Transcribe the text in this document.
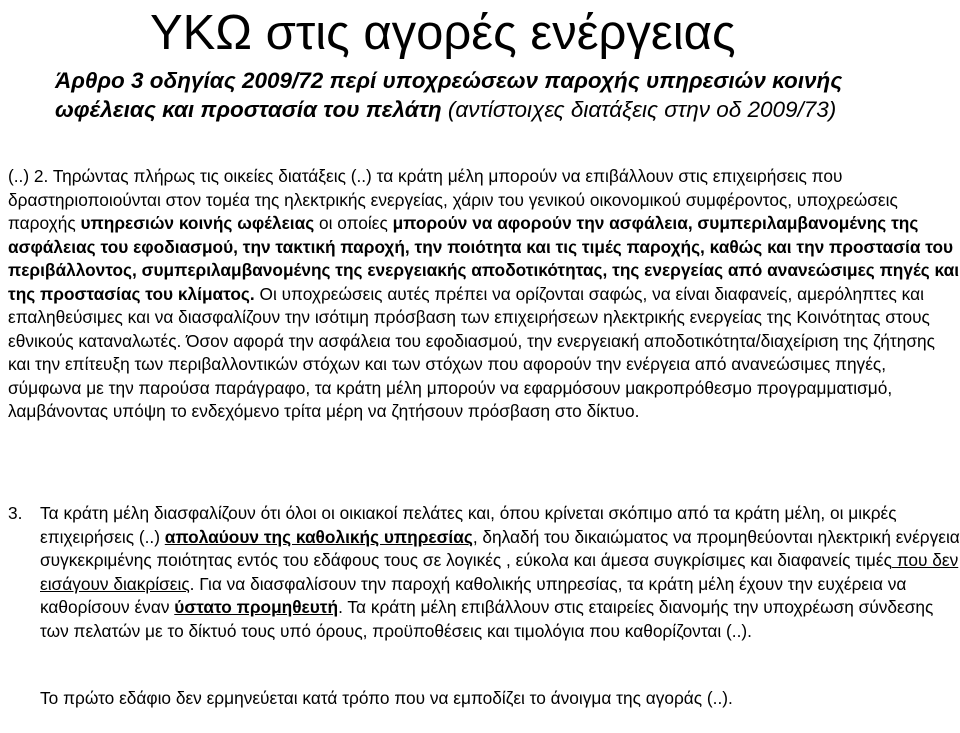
ΥΚΩ στις αγορές ενέργειας

Άρθρο 3 οδηγίας 2009/72 περί υποχρεώσεων παροχής υπηρεσιών κοινής ωφέλειας και προστασία του πελάτη (αντίστοιχες διατάξεις στην οδ 2009/73)

(..) 2. Τηρώντας πλήρως τις οικείες διατάξεις (..) τα κράτη μέλη μπορούν να επιβάλλουν στις επιχειρήσεις που δραστηριοποιούνται στον τομέα της ηλεκτρικής ενεργείας, χάριν του γενικού οικονομικού συμφέροντος, υποχρεώσεις παροχής υπηρεσιών κοινής ωφέλειας οι οποίες μπορούν να αφορούν την ασφάλεια, συμπεριλαμβανομένης της ασφάλειας του εφοδιασμού, την τακτική παροχή, την ποιότητα και τις τιμές παροχής, καθώς και την προστασία του περιβάλλοντος, συμπεριλαμβανομένης της ενεργειακής αποδοτικότητας, της ενεργείας από ανανεώσιμες πηγές και της προστασίας του κλίματος. Οι υποχρεώσεις αυτές πρέπει να ορίζονται σαφώς, να είναι διαφανείς, αμερόληπτες και επαληθεύσιμες και να διασφαλίζουν την ισότιμη πρόσβαση των επιχειρήσεων ηλεκτρικής ενεργείας της Κοινότητας στους εθνικούς καταναλωτές. Όσον αφορά την ασφάλεια του εφοδιασμού, την ενεργειακή αποδοτικότητα/διαχείριση της ζήτησης και την επίτευξη των περιβαλλοντικών στόχων και των στόχων που αφορούν την ενέργεια από ανανεώσιμες πηγές, σύμφωνα με την παρούσα παράγραφο, τα κράτη μέλη μπορούν να εφαρμόσουν μακροπρόθεσμο προγραμματισμό, λαμβάνοντας υπόψη το ενδεχόμενο τρίτα μέρη να ζητήσουν πρόσβαση στο δίκτυο.

3.	Τα κράτη μέλη διασφαλίζουν ότι όλοι οι οικιακοί πελάτες και, όπου κρίνεται σκόπιμο από τα κράτη μέλη, οι μικρές επιχειρήσεις (..) απολαύουν της καθολικής υπηρεσίας, δηλαδή του δικαιώματος να προμηθεύονται ηλεκτρική ενέργεια συγκεκριμένης ποιότητας εντός του εδάφους τους σε λογικές , εύκολα και άμεσα συγκρίσιμες και διαφανείς τιμές που δεν εισάγουν διακρίσεις. Για να διασφαλίσουν την παροχή καθολικής υπηρεσίας, τα κράτη μέλη έχουν την ευχέρεια να καθορίσουν έναν ύστατο προμηθευτή. Τα κράτη μέλη επιβάλλουν στις εταιρείες διανομής την υποχρέωση σύνδεσης των πελατών με το δίκτυό τους υπό όρους, προϋποθέσεις και τιμολόγια που καθορίζονται (..).

Το πρώτο εδάφιο δεν ερμηνεύεται κατά τρόπο που να εμποδίζει το άνοιγμα της αγοράς (..).
